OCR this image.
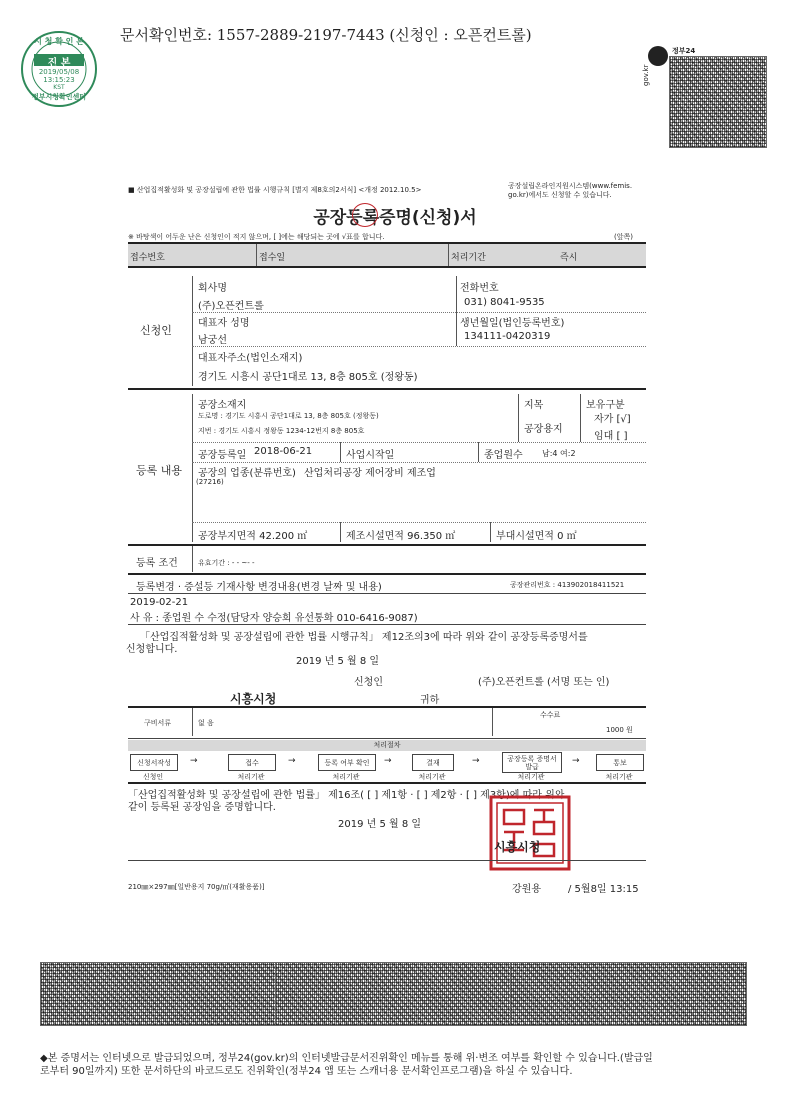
문서확인번호: 1557-2889-2197-7443 (신청인 : 오픈컨트롤)
시 청 확 인 본
진 본
2019/05/08
13:15:23
KST
정부시청확인센터
정부24
gov.kr
■ 산업집적활성화 및 공장설립에 관한 법률 시행규칙 [별지 제8호의2서식] <개정 2012.10.5>	공장설립온라인지원시스템(www.femis.
go.kr)에서도 신청할 수 있습니다.
공장등록증명(신청)서
※ 바탕색이 어두운 난은 신청인이 적지 않으며, [ ]에는 해당되는 곳에 √표를 합니다.	(앞쪽)
접수번호	접수일	처리기간	즉시
신청인
회사명	전화번호
(주)오픈컨트롤	031) 8041-9535
대표자 성명	생년월일(법인등록번호)
남궁선	134111-0420319
대표자주소(법인소재지)
경기도 시흥시 공단1대로 13, 8층 805호 (정왕동)
등록 내용
공장소재지
도로명 : 경기도 시흥시 공단1대로 13, 8층 805호 (정왕동)
지번 : 경기도 시흥시 정왕동 1234-12번지 8층 805호
지목
공장용지
보유구분
자가 [√]
임대 [ ]
공장등록일 2018-06-21	사업시작일	종업원수 남:4 여:2
공장의 업종(분류번호) 산업처리공장 제어장비 제조업
(27216)
공장부지면적 42.200 ㎡	제조시설면적 96.350 ㎡	부대시설면적 0 ㎡
등록 조건	유효기간 : - - ~- -
등록변경 · 증설등 기재사항 변경내용(변경 날짜 및 내용)	공장관리번호 : 413902018411521
2019-02-21
사 유 : 종업원 수 수정(담당자 양승희 유선통화 010-6416-9087)
「산업집적활성화 및 공장설립에 관한 법률 시행규칙」 제12조의3에 따라 위와 같이 공장등록증명서를
신청합니다.
2019 년 5 월 8 일
신청인	(주)오픈컨트롤 (서명 또는 인)
시흥시청	귀하
구비서류	없 음
수수료
1000 원
처리절차
신청서작성	→	접수	→	등록 여부 확인	→	결재	→	공장등록 증명서 발급
→	통보
신청인	처리기관	처리기관	처리기관	처리기관	처리기관
「산업집적활성화 및 공장설립에 관한 법률」 제16조( [ ] 제1항 · [ ] 제2항 · [ ] 제3항)에 따라 위와
같이 등록된 공장임을 증명합니다.
2019 년 5 월 8 일
시흥시청
210㎜×297㎜[일반용지 70g/㎡(재활용품)]	강원용	/ 5월8일 13:15
◆본 증명서는 인터넷으로 발급되었으며, 정부24(gov.kr)의 인터넷발급문서진위확인 메뉴를 통해 위·변조 여부를 확인할 수 있습니다.(발급일
로부터 90일까지) 또한 문서하단의 바코드로도 진위확인(정부24 앱 또는 스캐너용 문서확인프로그램)을 하실 수 있습니다.
